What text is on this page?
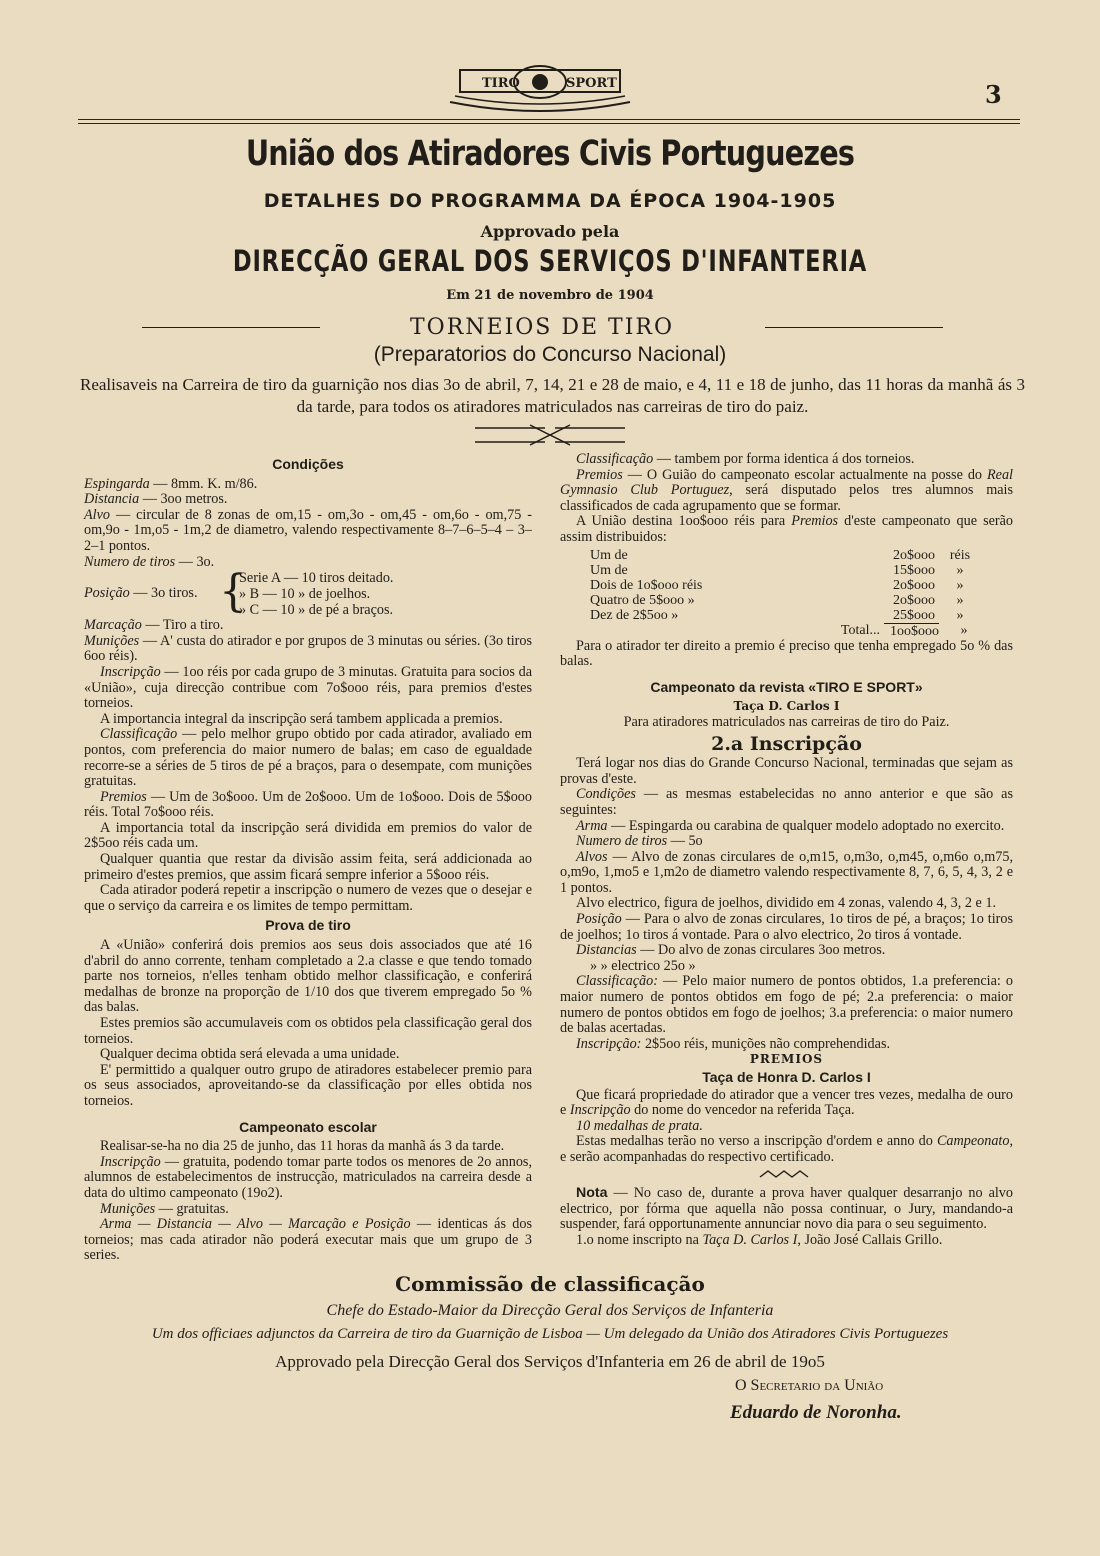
TIRO	SPORT	3
União dos Atiradores Civis Portuguezes
DETALHES DO PROGRAMMA DA ÉPOCA 1904-1905
Approvado pela
DIRECÇÃO GERAL DOS SERVIÇOS D'INFANTERIA
Em 21 de novembro de 1904
TORNEIOS DE TIRO
(Preparatorios do Concurso Nacional)
Realisaveis na Carreira de tiro da guarnição nos dias 3o de abril, 7, 14, 21 e 28 de maio, e 4, 11 e 18 de junho, das 11 horas da manhã ás 3 da tarde, para todos os atiradores matriculados nas carreiras de tiro do paiz.
Condições

Espingarda — 8mm. K. m/86.

Distancia — 3oo metros.

Alvo — circular de 8 zonas de om,15 - om,3o - om,45 - om,6o - om,75 - om,9o - 1m,o5 - 1m,2 de diametro, valendo respectivamente 8–7–6–5–4 – 3–2–1 pontos.

Numero de tiros — 3o.

Posição — 3o tiros. {
Serie A — 10 tiros deitado.
» B — 10 » de joelhos.
» C — 10 » de pé a braços.

Marcação — Tiro a tiro.

Munições — A' custa do atirador e por grupos de 3 minutas ou séries. (3o tiros 6oo réis).

Inscripção — 1oo réis por cada grupo de 3 minutas. Gratuita para socios da «União», cuja direcção contribue com 7o$ooo réis, para premios d'estes torneios.

A importancia integral da inscripção será tambem applicada a premios.

Classificação — pelo melhor grupo obtido por cada atirador, avaliado em pontos, com preferencia do maior numero de balas; em caso de egualdade recorre-se a séries de 5 tiros de pé a braços, para o desempate, com munições gratuitas.

Premios — Um de 3o$ooo. Um de 2o$ooo. Um de 1o$ooo. Dois de 5$ooo réis. Total 7o$ooo réis.

A importancia total da inscripção será dividida em premios do valor de 2$5oo réis cada um.

Qualquer quantia que restar da divisão assim feita, será addicionada ao primeiro d'estes premios, que assim ficará sempre inferior a 5$ooo réis.

Cada atirador poderá repetir a inscripção o numero de vezes que o desejar e que o serviço da carreira e os limites de tempo permittam.

Prova de tiro

A «União» conferirá dois premios aos seus dois associados que até 16 d'abril do anno corrente, tenham completado a 2.a classe e que tendo tomado parte nos torneios, n'elles tenham obtido melhor classificação, e conferirá medalhas de bronze na proporção de 1/10 dos que tiverem empregado 5o % das balas.

Estes premios são accumulaveis com os obtidos pela classificação geral dos torneios.

Qualquer decima obtida será elevada a uma unidade.

E' permittido a qualquer outro grupo de atiradores estabelecer premio para os seus associados, aproveitando-se da classificação por elles obtida nos torneios.

Campeonato escolar

Realisar-se-ha no dia 25 de junho, das 11 horas da manhã ás 3 da tarde.

Inscripção — gratuita, podendo tomar parte todos os menores de 2o annos, alumnos de estabelecimentos de instrucção, matriculados na carreira desde a data do ultimo campeonato (19o2).

Munições — gratuitas.

Arma — Distancia — Alvo — Marcação e Posição — identicas ás dos torneios; mas cada atirador não poderá executar mais que um grupo de 3 series.

Classificação — tambem por forma identica á dos torneios.

Premios — O Guião do campeonato escolar actualmente na posse do Real Gymnasio Club Portuguez, será disputado pelos tres alumnos mais classificados de cada agrupamento que se formar.

A União destina 1oo$ooo réis para Premios d'este campeonato que serão assim distribuidos:

Um de	2o$ooo	réis
Um de	15$ooo	»
Dois de 1o$ooo réis	2o$ooo	»
Quatro de 5$ooo »	2o$ooo	»
Dez de 2$5oo »	25$ooo	»
Total... 1oo$ooo	»

Para o atirador ter direito a premio é preciso que tenha empregado 5o % das balas.

Campeonato da revista «TIRO E SPORT»
Taça D. Carlos I
Para atiradores matriculados nas carreiras de tiro do Paiz.
2.a Inscripção

Terá logar nos dias do Grande Concurso Nacional, terminadas que sejam as provas d'este.

Condições — as mesmas estabelecidas no anno anterior e que são as seguintes:

Arma — Espingarda ou carabina de qualquer modelo adoptado no exercito.

Numero de tiros — 5o

Alvos — Alvo de zonas circulares de o,m15, o,m3o, o,m45, o,m6o o,m75, o,m9o, 1,mo5 e 1,m2o de diametro valendo respectivamente 8, 7, 6, 5, 4, 3, 2 e 1 pontos.

Alvo electrico, figura de joelhos, dividido em 4 zonas, valendo 4, 3, 2 e 1.

Posição — Para o alvo de zonas circulares, 1o tiros de pé, a braços; 1o tiros de joelhos; 1o tiros á vontade. Para o alvo electrico, 2o tiros á vontade.

Distancias — Do alvo de zonas circulares 3oo metros.

» » electrico 25o »

Classificação: — Pelo maior numero de pontos obtidos, 1.a preferencia: o maior numero de pontos obtidos em fogo de pé; 2.a preferencia: o maior numero de pontos obtidos em fogo de joelhos; 3.a preferencia: o maior numero de balas acertadas.

Inscripção: 2$5oo réis, munições não comprehendidas.

PREMIOS
Taça de Honra D. Carlos I

Que ficará propriedade do atirador que a vencer tres vezes, medalha de ouro e Inscripção do nome do vencedor na referida Taça.

10 medalhas de prata.

Estas medalhas terão no verso a inscripção d'ordem e anno do Campeonato, e serão acompanhadas do respectivo certificado.

Nota — No caso de, durante a prova haver qualquer desarranjo no alvo electrico, por fórma que aquella não possa continuar, o Jury, mandando-a suspender, fará opportunamente annunciar novo dia para o seu seguimento.

1.o nome inscripto na Taça D. Carlos I, João José Callais Grillo.

Commissão de classificação
Chefe do Estado-Maior da Direcção Geral dos Serviços de Infanteria
Um dos officiaes adjunctos da Carreira de tiro da Guarnição de Lisboa — Um delegado da União dos Atiradores Civis Portuguezes
Approvado pela Direcção Geral dos Serviços d'Infanteria em 26 de abril de 19o5
O Secretario da União
Eduardo de Noronha.
